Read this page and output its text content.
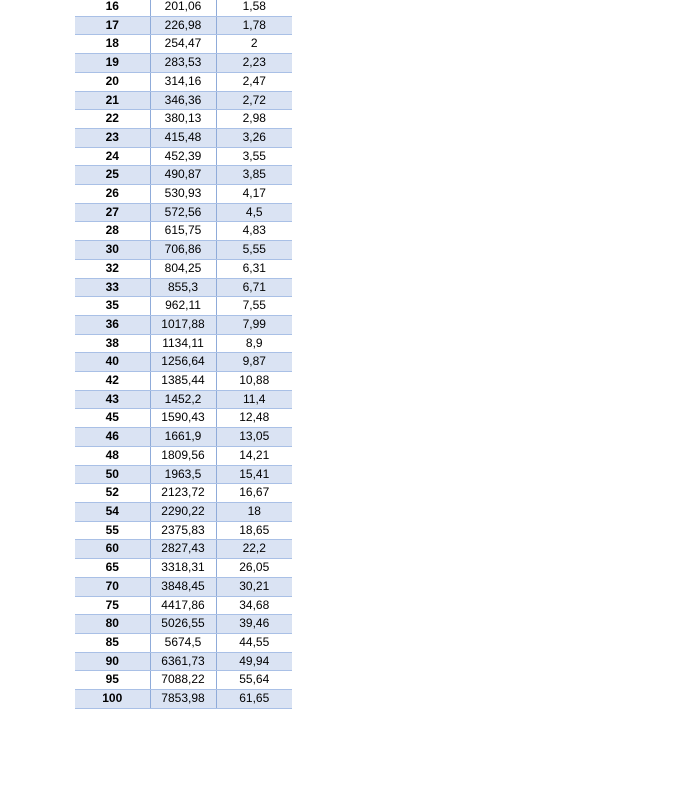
16	201,06	1,58
17	226,98	1,78
18	254,47	2
19	283,53	2,23
20	314,16	2,47
21	346,36	2,72
22	380,13	2,98
23	415,48	3,26
24	452,39	3,55
25	490,87	3,85
26	530,93	4,17
27	572,56	4,5
28	615,75	4,83
30	706,86	5,55
32	804,25	6,31
33	855,3	6,71
35	962,11	7,55
36	1017,88	7,99
38	1134,11	8,9
40	1256,64	9,87
42	1385,44	10,88
43	1452,2	11,4
45	1590,43	12,48
46	1661,9	13,05
48	1809,56	14,21
50	1963,5	15,41
52	2123,72	16,67
54	2290,22	18
55	2375,83	18,65
60	2827,43	22,2
65	3318,31	26,05
70	3848,45	30,21
75	4417,86	34,68
80	5026,55	39,46
85	5674,5	44,55
90	6361,73	49,94
95	7088,22	55,64
100	7853,98	61,65
